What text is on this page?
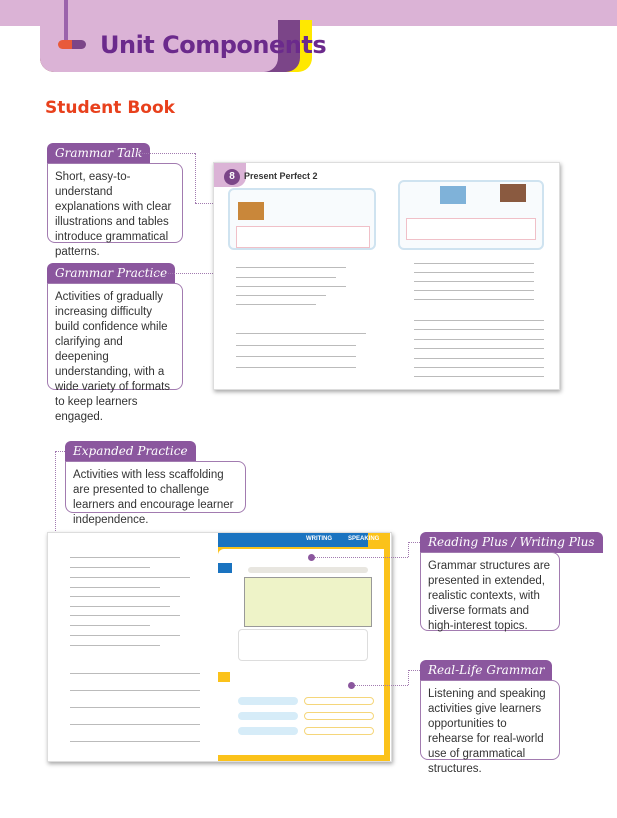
Unit Components
Student Book
Grammar Talk
Short, easy-to-understand explanations with clear illustrations and tables introduce grammatical patterns.
Grammar Practice
Activities of gradually increasing difficulty build confidence while clarifying and deepening understanding, with a wide variety of formats to keep learners engaged.
8	Present Perfect 2
Expanded Practice
Activities with less scaffolding are presented to challenge learners and encourage learner independence.
WRITING	SPEAKING	Reading Plus / Writing Plus
Grammar structures are presented in extended, realistic contexts, with diverse formats and high-interest topics.
Real-Life Grammar
Listening and speaking activities give learners opportunities to rehearse for real-world use of grammatical structures.
